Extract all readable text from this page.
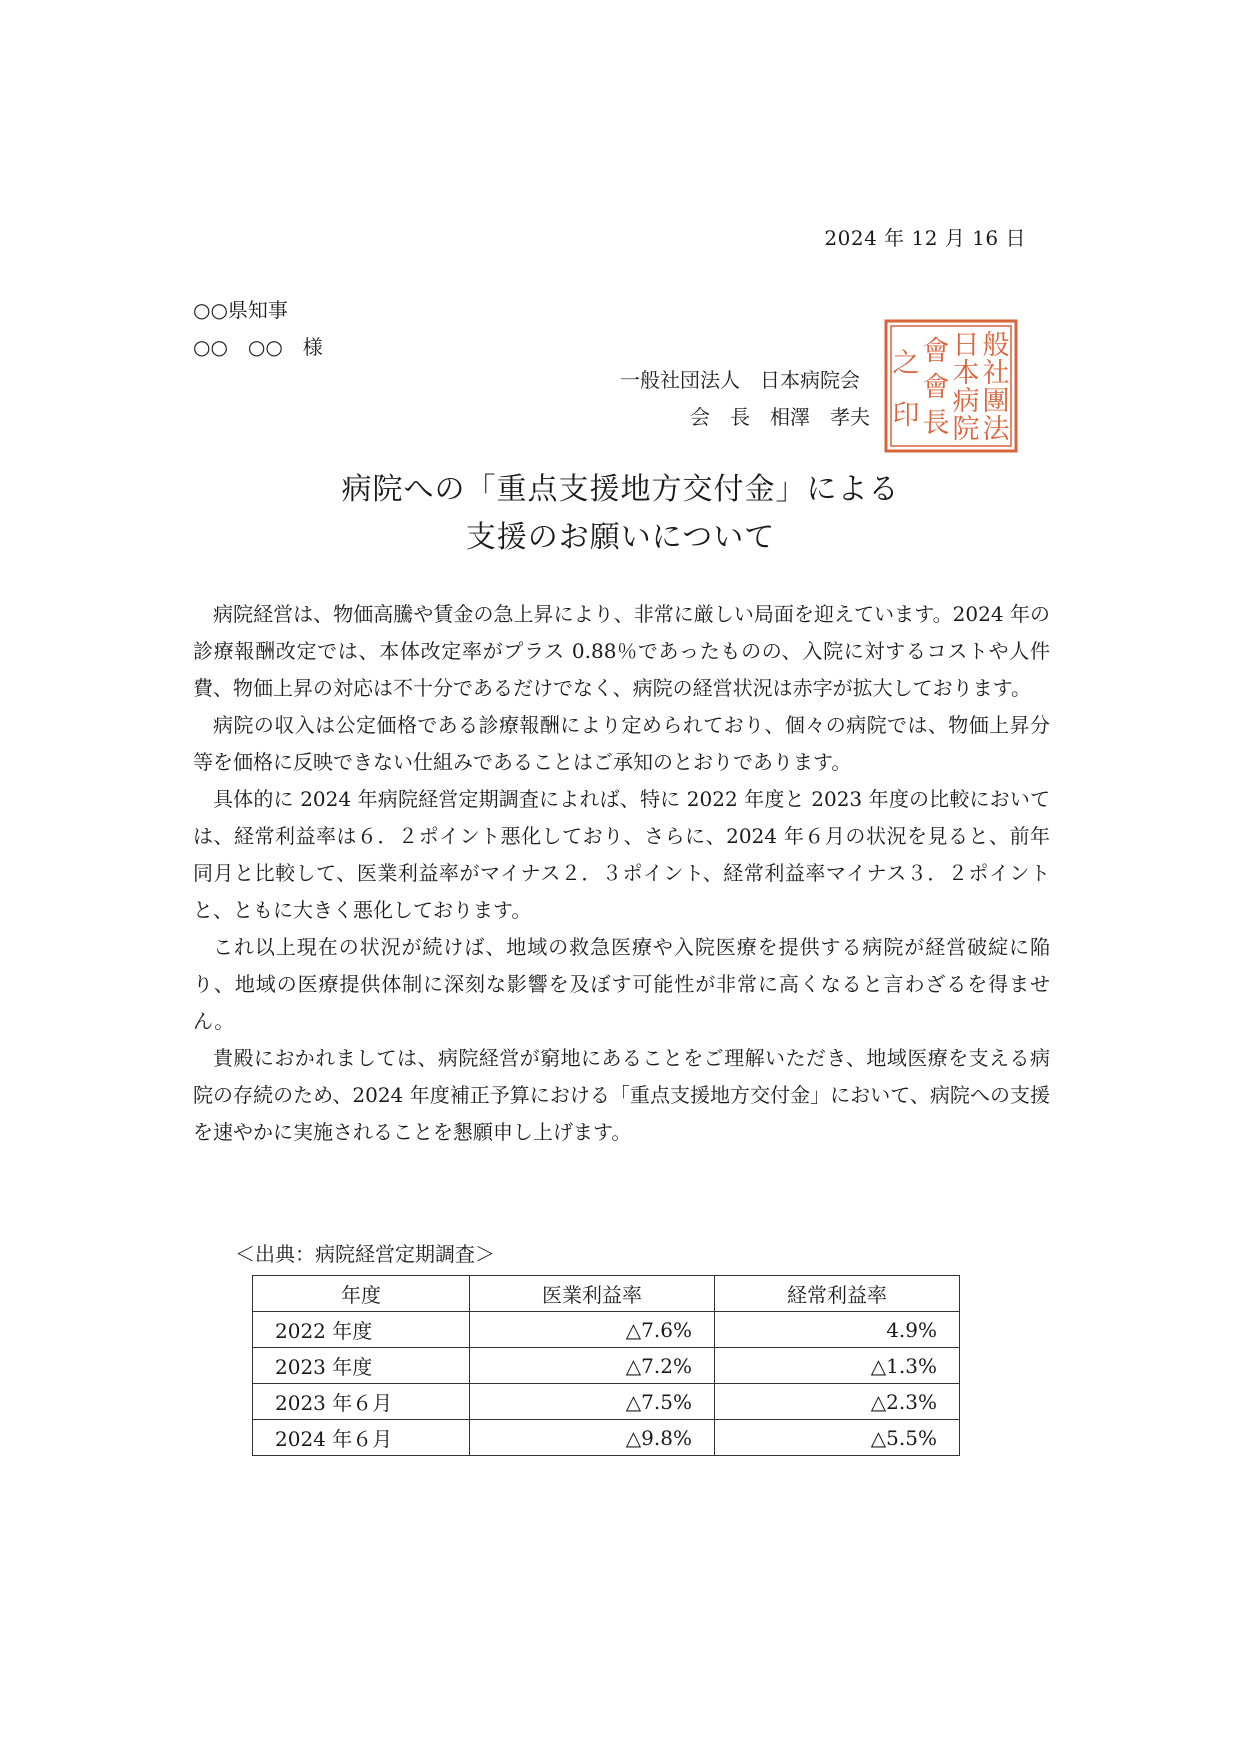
2024 年 12 月 16 日
○○県知事
○○　○○　様
一般社団法人　日本病院会
会　長　相澤　孝夫
般
社
團
法
日
本
病
院
會
會
長
之
印
病院への「重点支援地方交付金」による
支援のお願いについて

病院経営は、物価高騰や賃金の急上昇により、非常に厳しい局面を迎えています。2024 年の診療報酬改定では、本体改定率がプラス 0.88％であったものの、入院に対するコストや人件費、物価上昇の対応は不十分であるだけでなく、病院の経営状況は赤字が拡大しております。

病院の収入は公定価格である診療報酬により定められており、個々の病院では、物価上昇分等を価格に反映できない仕組みであることはご承知のとおりであります。

具体的に 2024 年病院経営定期調査によれば、特に 2022 年度と 2023 年度の比較においては、経常利益率は６．２ポイント悪化しており、さらに、2024 年６月の状況を見ると、前年同月と比較して、医業利益率がマイナス２．３ポイント、経常利益率マイナス３．２ポイントと、ともに大きく悪化しております。

これ以上現在の状況が続けば、地域の救急医療や入院医療を提供する病院が経営破綻に陥り、地域の医療提供体制に深刻な影響を及ぼす可能性が非常に高くなると言わざるを得ません。

貴殿におかれましては、病院経営が窮地にあることをご理解いただき、地域医療を支える病院の存続のため、2024 年度補正予算における「重点支援地方交付金」において、病院への支援を速やかに実施されることを懇願申し上げます。

＜出典：病院経営定期調査＞
年度	医業利益率	経常利益率
2022 年度	△7.6%	4.9%
2023 年度	△7.2%	△1.3%
2023 年６月	△7.5%	△2.3%
2024 年６月	△9.8%	△5.5%
